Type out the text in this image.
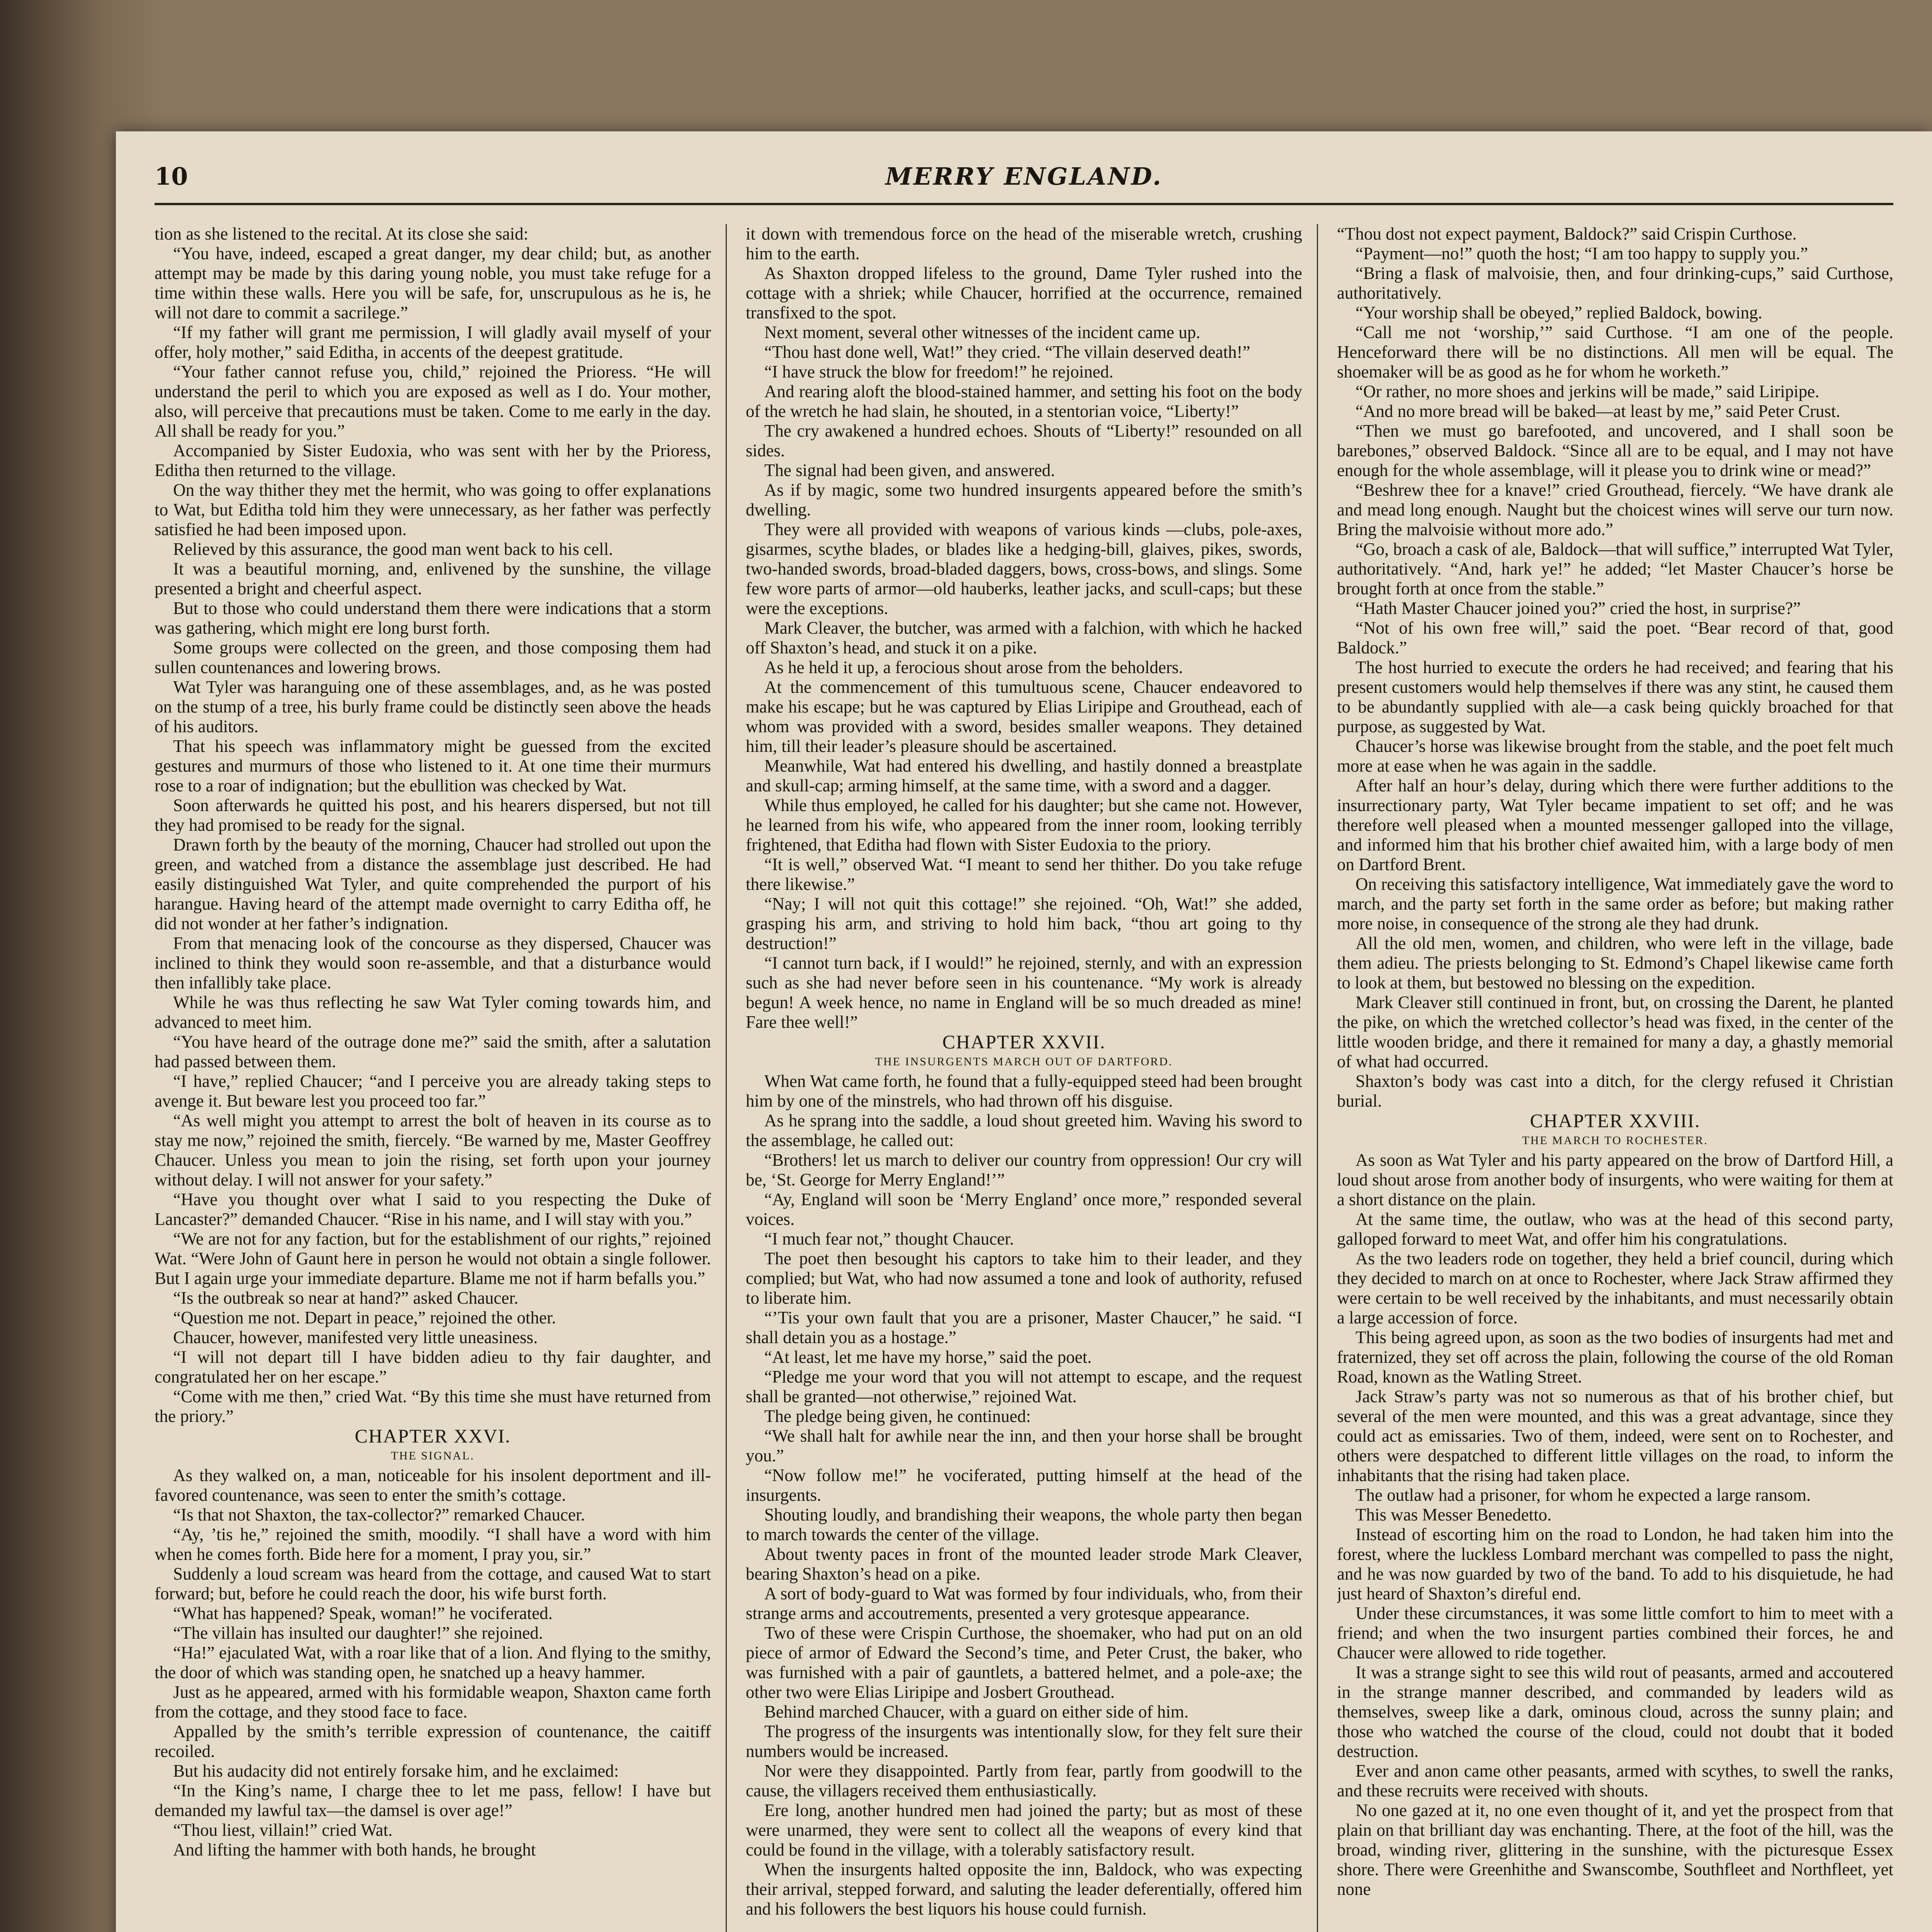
10	MERRY ENGLAND.

tion as she listened to the recital. At its close she said:

“You have, indeed, escaped a great danger, my dear child; but, as another attempt may be made by this daring young noble, you must take refuge for a time within these walls. Here you will be safe, for, unscrupulous as he is, he will not dare to commit a sacrilege.”

“If my father will grant me permission, I will gladly avail myself of your offer, holy mother,” said Editha, in accents of the deepest gratitude.

“Your father cannot refuse you, child,” rejoined the Prioress. “He will understand the peril to which you are exposed as well as I do. Your mother, also, will perceive that precautions must be taken. Come to me early in the day. All shall be ready for you.”

Accompanied by Sister Eudoxia, who was sent with her by the Prioress, Editha then returned to the village.

On the way thither they met the hermit, who was going to offer explanations to Wat, but Editha told him they were unnecessary, as her father was perfectly satisfied he had been imposed upon.

Relieved by this assurance, the good man went back to his cell.

It was a beautiful morning, and, enlivened by the sunshine, the village presented a bright and cheerful aspect.

But to those who could understand them there were indications that a storm was gathering, which might ere long burst forth.

Some groups were collected on the green, and those composing them had sullen countenances and lowering brows.

Wat Tyler was haranguing one of these assemblages, and, as he was posted on the stump of a tree, his burly frame could be distinctly seen above the heads of his auditors.

That his speech was inflammatory might be guessed from the excited gestures and murmurs of those who listened to it. At one time their murmurs rose to a roar of indignation; but the ebullition was checked by Wat.

Soon afterwards he quitted his post, and his hearers dispersed, but not till they had promised to be ready for the signal.

Drawn forth by the beauty of the morning, Chaucer had strolled out upon the green, and watched from a distance the assemblage just described. He had easily distinguished Wat Tyler, and quite comprehended the purport of his harangue. Having heard of the attempt made overnight to carry Editha off, he did not wonder at her father’s indignation.

From that menacing look of the concourse as they dispersed, Chaucer was inclined to think they would soon re-assemble, and that a disturbance would then infallibly take place.

While he was thus reflecting he saw Wat Tyler coming towards him, and advanced to meet him.

“You have heard of the outrage done me?” said the smith, after a salutation had passed between them.

“I have,” replied Chaucer; “and I perceive you are already taking steps to avenge it. But beware lest you proceed too far.”

“As well might you attempt to arrest the bolt of heaven in its course as to stay me now,” rejoined the smith, fiercely. “Be warned by me, Master Geoffrey Chaucer. Unless you mean to join the rising, set forth upon your journey without delay. I will not answer for your safety.”

“Have you thought over what I said to you respecting the Duke of Lancaster?” demanded Chaucer. “Rise in his name, and I will stay with you.”

“We are not for any faction, but for the establishment of our rights,” rejoined Wat. “Were John of Gaunt here in person he would not obtain a single follower. But I again urge your immediate departure. Blame me not if harm befalls you.”

“Is the outbreak so near at hand?” asked Chaucer.

“Question me not. Depart in peace,” rejoined the other.

Chaucer, however, manifested very little uneasiness.

“I will not depart till I have bidden adieu to thy fair daughter, and congratulated her on her escape.”

“Come with me then,” cried Wat. “By this time she must have returned from the priory.”

CHAPTER XXVI.

THE SIGNAL.

As they walked on, a man, noticeable for his insolent deportment and ill-favored countenance, was seen to enter the smith’s cottage.

“Is that not Shaxton, the tax-collector?” remarked Chaucer.

“Ay, ’tis he,” rejoined the smith, moodily. “I shall have a word with him when he comes forth. Bide here for a moment, I pray you, sir.”

Suddenly a loud scream was heard from the cottage, and caused Wat to start forward; but, before he could reach the door, his wife burst forth.

“What has happened? Speak, woman!” he vociferated.

“The villain has insulted our daughter!” she rejoined.

“Ha!” ejaculated Wat, with a roar like that of a lion. And flying to the smithy, the door of which was standing open, he snatched up a heavy hammer.

Just as he appeared, armed with his formidable weapon, Shaxton came forth from the cottage, and they stood face to face.

Appalled by the smith’s terrible expression of countenance, the caitiff recoiled.

But his audacity did not entirely forsake him, and he exclaimed:

“In the King’s name, I charge thee to let me pass, fellow! I have but demanded my lawful tax—the damsel is over age!”

“Thou liest, villain!” cried Wat.

And lifting the hammer with both hands, he brought

it down with tremendous force on the head of the miserable wretch, crushing him to the earth.

As Shaxton dropped lifeless to the ground, Dame Tyler rushed into the cottage with a shriek; while Chaucer, horrified at the occurrence, remained transfixed to the spot.

Next moment, several other witnesses of the incident came up.

“Thou hast done well, Wat!” they cried. “The villain deserved death!”

“I have struck the blow for freedom!” he rejoined.

And rearing aloft the blood-stained hammer, and setting his foot on the body of the wretch he had slain, he shouted, in a stentorian voice, “Liberty!”

The cry awakened a hundred echoes. Shouts of “Liberty!” resounded on all sides.

The signal had been given, and answered.

As if by magic, some two hundred insurgents appeared before the smith’s dwelling.

They were all provided with weapons of various kinds —clubs, pole-axes, gisarmes, scythe blades, or blades like a hedging-bill, glaives, pikes, swords, two-handed swords, broad-bladed daggers, bows, cross-bows, and slings. Some few wore parts of armor—old hauberks, leather jacks, and scull-caps; but these were the exceptions.

Mark Cleaver, the butcher, was armed with a falchion, with which he hacked off Shaxton’s head, and stuck it on a pike.

As he held it up, a ferocious shout arose from the beholders.

At the commencement of this tumultuous scene, Chaucer endeavored to make his escape; but he was captured by Elias Liripipe and Grouthead, each of whom was provided with a sword, besides smaller weapons. They detained him, till their leader’s pleasure should be ascertained.

Meanwhile, Wat had entered his dwelling, and hastily donned a breastplate and skull-cap; arming himself, at the same time, with a sword and a dagger.

While thus employed, he called for his daughter; but she came not. However, he learned from his wife, who appeared from the inner room, looking terribly frightened, that Editha had flown with Sister Eudoxia to the priory.

“It is well,” observed Wat. “I meant to send her thither. Do you take refuge there likewise.”

“Nay; I will not quit this cottage!” she rejoined. “Oh, Wat!” she added, grasping his arm, and striving to hold him back, “thou art going to thy destruction!”

“I cannot turn back, if I would!” he rejoined, sternly, and with an expression such as she had never before seen in his countenance. “My work is already begun! A week hence, no name in England will be so much dreaded as mine! Fare thee well!”

CHAPTER XXVII.

THE INSURGENTS MARCH OUT OF DARTFORD.

When Wat came forth, he found that a fully-equipped steed had been brought him by one of the minstrels, who had thrown off his disguise.

As he sprang into the saddle, a loud shout greeted him. Waving his sword to the assemblage, he called out:

“Brothers! let us march to deliver our country from oppression! Our cry will be, ‘St. George for Merry England!’”

“Ay, England will soon be ‘Merry England’ once more,” responded several voices.

“I much fear not,” thought Chaucer.

The poet then besought his captors to take him to their leader, and they complied; but Wat, who had now assumed a tone and look of authority, refused to liberate him.

“’Tis your own fault that you are a prisoner, Master Chaucer,” he said. “I shall detain you as a hostage.”

“At least, let me have my horse,” said the poet.

“Pledge me your word that you will not attempt to escape, and the request shall be granted—not otherwise,” rejoined Wat.

The pledge being given, he continued:

“We shall halt for awhile near the inn, and then your horse shall be brought you.”

“Now follow me!” he vociferated, putting himself at the head of the insurgents.

Shouting loudly, and brandishing their weapons, the whole party then began to march towards the center of the village.

About twenty paces in front of the mounted leader strode Mark Cleaver, bearing Shaxton’s head on a pike.

A sort of body-guard to Wat was formed by four individuals, who, from their strange arms and accoutrements, presented a very grotesque appearance.

Two of these were Crispin Curthose, the shoemaker, who had put on an old piece of armor of Edward the Second’s time, and Peter Crust, the baker, who was furnished with a pair of gauntlets, a battered helmet, and a pole-axe; the other two were Elias Liripipe and Josbert Grouthead.

Behind marched Chaucer, with a guard on either side of him.

The progress of the insurgents was intentionally slow, for they felt sure their numbers would be increased.

Nor were they disappointed. Partly from fear, partly from goodwill to the cause, the villagers received them enthusiastically.

Ere long, another hundred men had joined the party; but as most of these were unarmed, they were sent to collect all the weapons of every kind that could be found in the village, with a tolerably satisfactory result.

When the insurgents halted opposite the inn, Baldock, who was expecting their arrival, stepped forward, and saluting the leader deferentially, offered him and his followers the best liquors his house could furnish.

“Thou dost not expect payment, Baldock?” said Crispin Curthose.

“Payment—no!” quoth the host; “I am too happy to supply you.”

“Bring a flask of malvoisie, then, and four drinking-cups,” said Curthose, authoritatively.

“Your worship shall be obeyed,” replied Baldock, bowing.

“Call me not ‘worship,’” said Curthose. “I am one of the people. Henceforward there will be no distinctions. All men will be equal. The shoemaker will be as good as he for whom he worketh.”

“Or rather, no more shoes and jerkins will be made,” said Liripipe.

“And no more bread will be baked—at least by me,” said Peter Crust.

“Then we must go barefooted, and uncovered, and I shall soon be barebones,” observed Baldock. “Since all are to be equal, and I may not have enough for the whole assemblage, will it please you to drink wine or mead?”

“Beshrew thee for a knave!” cried Grouthead, fiercely. “We have drank ale and mead long enough. Naught but the choicest wines will serve our turn now. Bring the malvoisie without more ado.”

“Go, broach a cask of ale, Baldock—that will suffice,” interrupted Wat Tyler, authoritatively. “And, hark ye!” he added; “let Master Chaucer’s horse be brought forth at once from the stable.”

“Hath Master Chaucer joined you?” cried the host, in surprise?”

“Not of his own free will,” said the poet. “Bear record of that, good Baldock.”

The host hurried to execute the orders he had received; and fearing that his present customers would help themselves if there was any stint, he caused them to be abundantly supplied with ale—a cask being quickly broached for that purpose, as suggested by Wat.

Chaucer’s horse was likewise brought from the stable, and the poet felt much more at ease when he was again in the saddle.

After half an hour’s delay, during which there were further additions to the insurrectionary party, Wat Tyler became impatient to set off; and he was therefore well pleased when a mounted messenger galloped into the village, and informed him that his brother chief awaited him, with a large body of men on Dartford Brent.

On receiving this satisfactory intelligence, Wat immediately gave the word to march, and the party set forth in the same order as before; but making rather more noise, in consequence of the strong ale they had drunk.

All the old men, women, and children, who were left in the village, bade them adieu. The priests belonging to St. Edmond’s Chapel likewise came forth to look at them, but bestowed no blessing on the expedition.

Mark Cleaver still continued in front, but, on crossing the Darent, he planted the pike, on which the wretched collector’s head was fixed, in the center of the little wooden bridge, and there it remained for many a day, a ghastly memorial of what had occurred.

Shaxton’s body was cast into a ditch, for the clergy refused it Christian burial.

CHAPTER XXVIII.

THE MARCH TO ROCHESTER.

As soon as Wat Tyler and his party appeared on the brow of Dartford Hill, a loud shout arose from another body of insurgents, who were waiting for them at a short distance on the plain.

At the same time, the outlaw, who was at the head of this second party, galloped forward to meet Wat, and offer him his congratulations.

As the two leaders rode on together, they held a brief council, during which they decided to march on at once to Rochester, where Jack Straw affirmed they were certain to be well received by the inhabitants, and must necessarily obtain a large accession of force.

This being agreed upon, as soon as the two bodies of insurgents had met and fraternized, they set off across the plain, following the course of the old Roman Road, known as the Watling Street.

Jack Straw’s party was not so numerous as that of his brother chief, but several of the men were mounted, and this was a great advantage, since they could act as emissaries. Two of them, indeed, were sent on to Rochester, and others were despatched to different little villages on the road, to inform the inhabitants that the rising had taken place.

The outlaw had a prisoner, for whom he expected a large ransom.

This was Messer Benedetto.

Instead of escorting him on the road to London, he had taken him into the forest, where the luckless Lombard merchant was compelled to pass the night, and he was now guarded by two of the band. To add to his disquietude, he had just heard of Shaxton’s direful end.

Under these circumstances, it was some little comfort to him to meet with a friend; and when the two insurgent parties combined their forces, he and Chaucer were allowed to ride together.

It was a strange sight to see this wild rout of peasants, armed and accoutered in the strange manner described, and commanded by leaders wild as themselves, sweep like a dark, ominous cloud, across the sunny plain; and those who watched the course of the cloud, could not doubt that it boded destruction.

Ever and anon came other peasants, armed with scythes, to swell the ranks, and these recruits were received with shouts.

No one gazed at it, no one even thought of it, and yet the prospect from that plain on that brilliant day was enchanting. There, at the foot of the hill, was the broad, winding river, glittering in the sunshine, with the picturesque Essex shore. There were Greenhithe and Swanscombe, Southfleet and Northfleet, yet none
